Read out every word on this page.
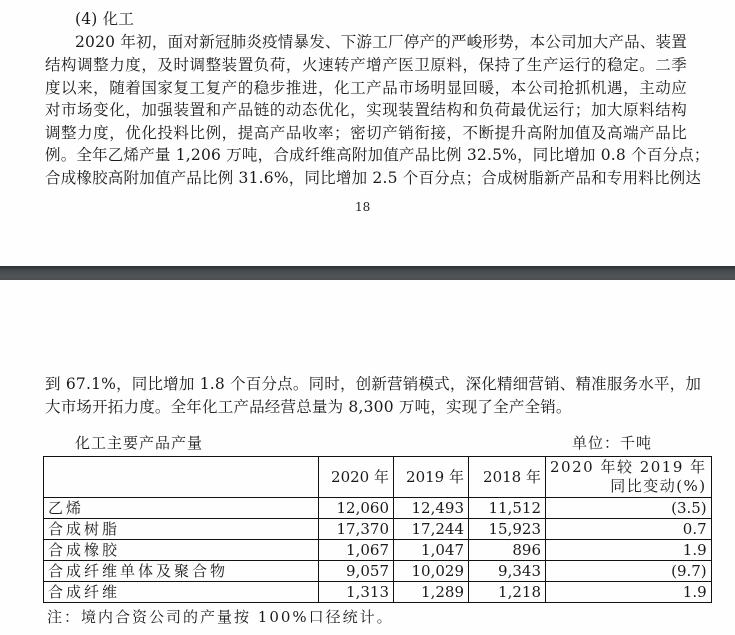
(4) 化工
2020 年初，面对新冠肺炎疫情暴发、下游工厂停产的严峻形势，本公司加大产品、装置
结构调整力度，及时调整装置负荷，火速转产增产医卫原料，保持了生产运行的稳定。二季
度以来，随着国家复工复产的稳步推进，化工产品市场明显回暖，本公司抢抓机遇，主动应
对市场变化，加强装置和产品链的动态优化，实现装置结构和负荷最优运行；加大原料结构
调整力度，优化投料比例，提高产品收率；密切产销衔接，不断提升高附加值及高端产品比
例。全年乙烯产量 1,206 万吨，合成纤维高附加值产品比例 32.5%，同比增加 0.8 个百分点；
合成橡胶高附加值产品比例 31.6%，同比增加 2.5 个百分点；合成树脂新产品和专用料比例达
18
到 67.1%，同比增加 1.8 个百分点。同时，创新营销模式，深化精细营销、精准服务水平，加
大市场开拓力度。全年化工产品经营总量为 8,300 万吨，实现了全产全销。
化工主要产品产量	单位：千吨
	2020 年	2019 年	2018 年	2020 年较 2019 年
同比变动(%)

乙烯	12,060	12,493	11,512	(3.5)
合成树脂	17,370	17,244	15,923	0.7
合成橡胶	1,067	1,047	896	1.9
合成纤维单体及聚合物	9,057	10,029	9,343	(9.7)
合成纤维	1,313	1,289	1,218	1.9
注：境内合资公司的产量按 100%口径统计。
